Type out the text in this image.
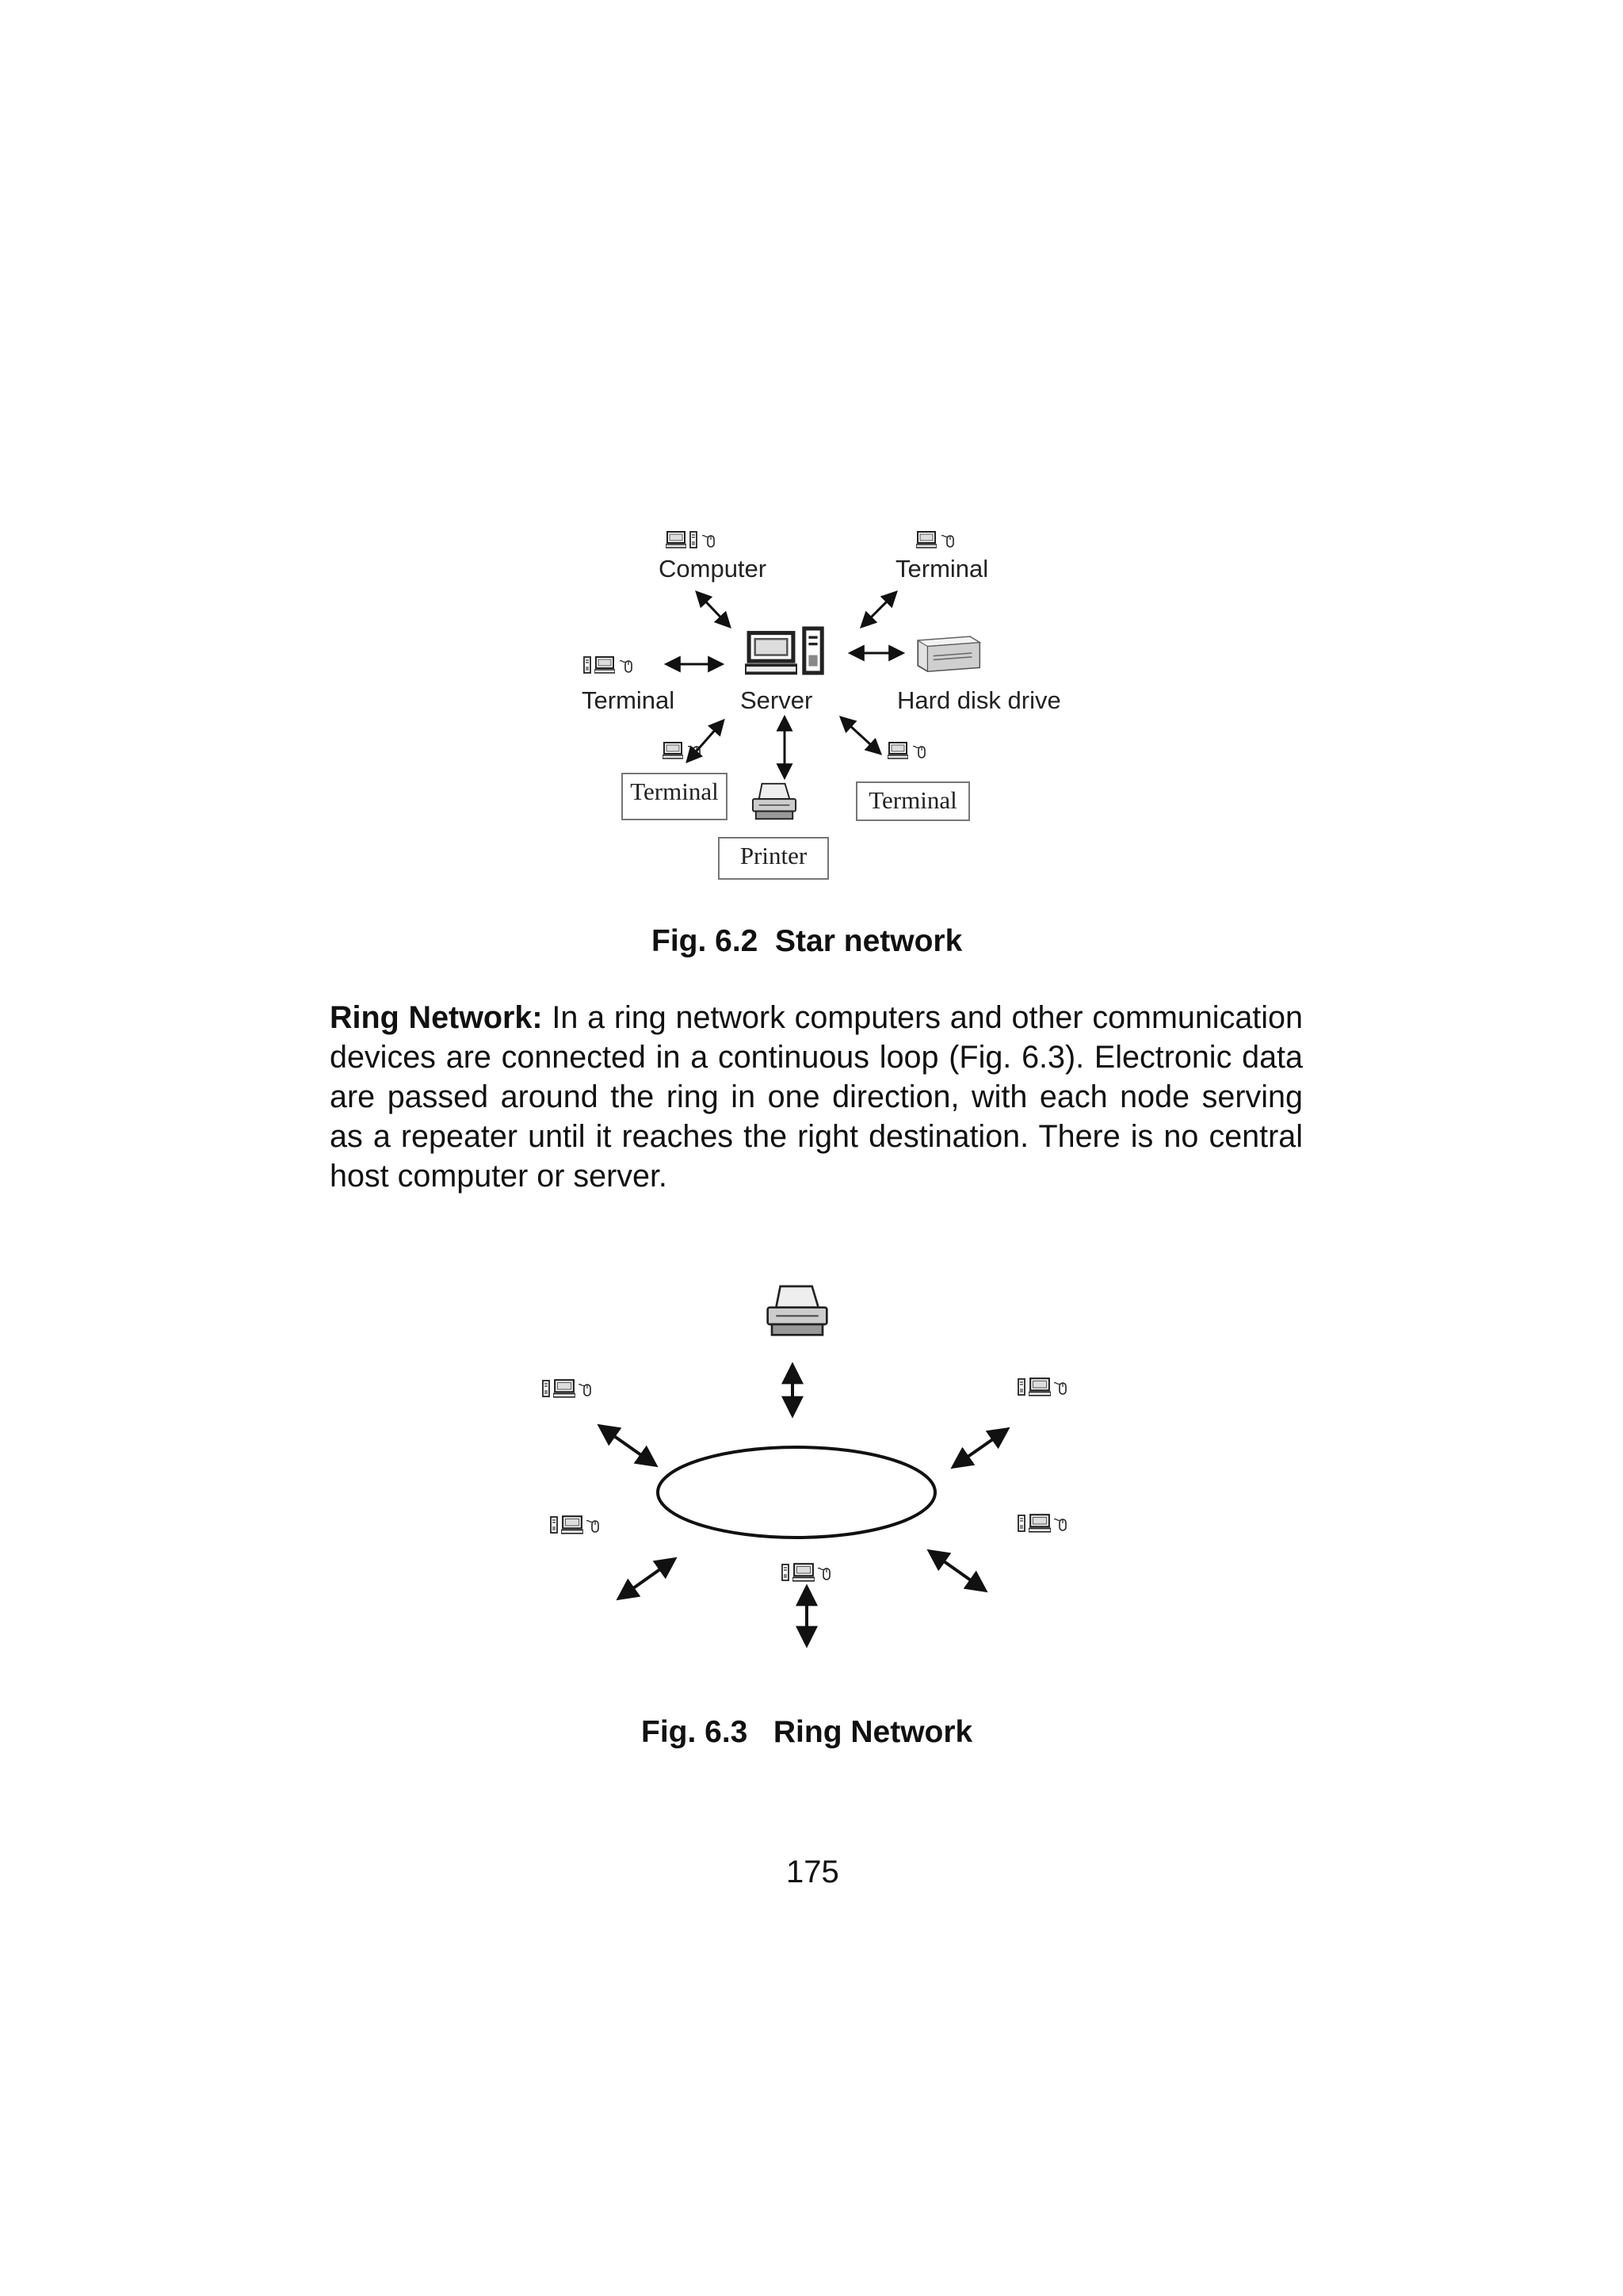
Computer	Terminal
Terminal	Server	Hard disk drive
Terminal
Printer
Terminal
Fig. 6.2  Star network
Ring Network: In a ring network computers and other communication devices are connected in a continuous loop (Fig. 6.3). Electronic data are passed around the ring in one direction, with each node serving as a repeater until it reaches the right destination. There is no central host computer or server.
Fig. 6.3   Ring Network
175
